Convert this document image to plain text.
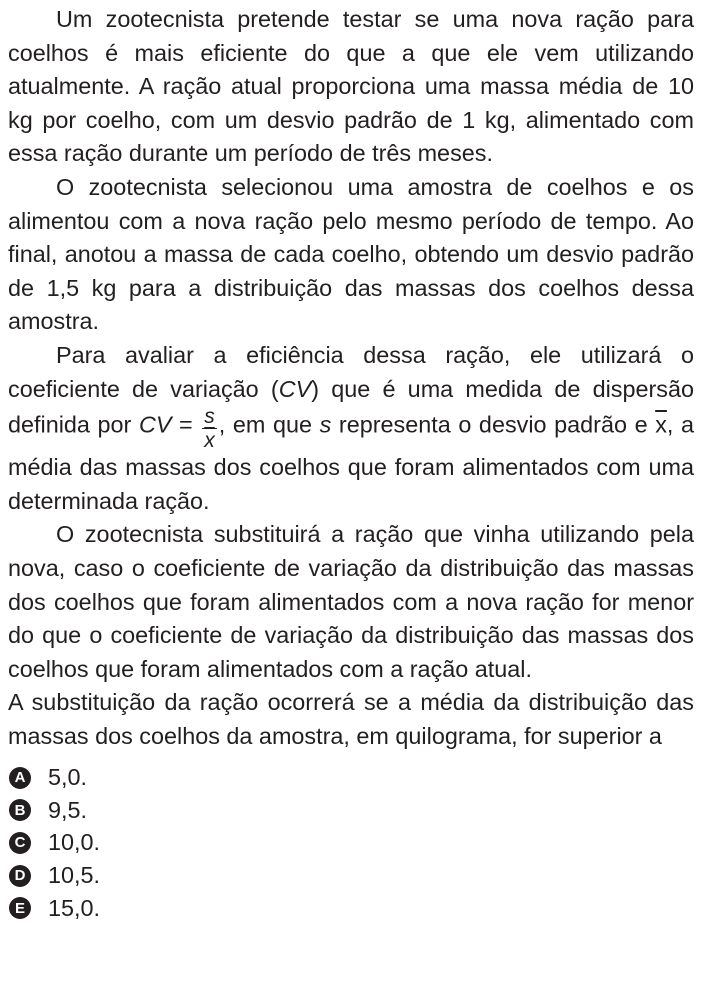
Um zootecnista pretende testar se uma nova ração para coelhos é mais eficiente do que a que ele vem utilizando atualmente. A ração atual proporciona uma massa média de 10 kg por coelho, com um desvio padrão de 1 kg, alimentado com essa ração durante um período de três meses.

O zootecnista selecionou uma amostra de coelhos e os alimentou com a nova ração pelo mesmo período de tempo. Ao final, anotou a massa de cada coelho, obtendo um desvio padrão de 1,5 kg para a distribuição das massas dos coelhos dessa amostra.

Para avaliar a eficiência dessa ração, ele utilizará o coeficiente de variação (CV) que é uma medida de dispersão definida por CV = $\frac{s}{x}$ , em que s representa o desvio padrão e $\overline{x}$, a média das massas dos coelhos que foram alimentados com uma determinada ração.

O zootecnista substituirá a ração que vinha utilizando pela nova, caso o coeficiente de variação da distribuição das massas dos coelhos que foram alimentados com a nova ração for menor do que o coeficiente de variação da distribuição das massas dos coelhos que foram alimentados com a ração atual.

A substituição da ração ocorrerá se a média da distribuição das massas dos coelhos da amostra, em quilograma, for superior a

A 5,0.
B 9,5.
C 10,0.
D 10,5.
E 15,0.
